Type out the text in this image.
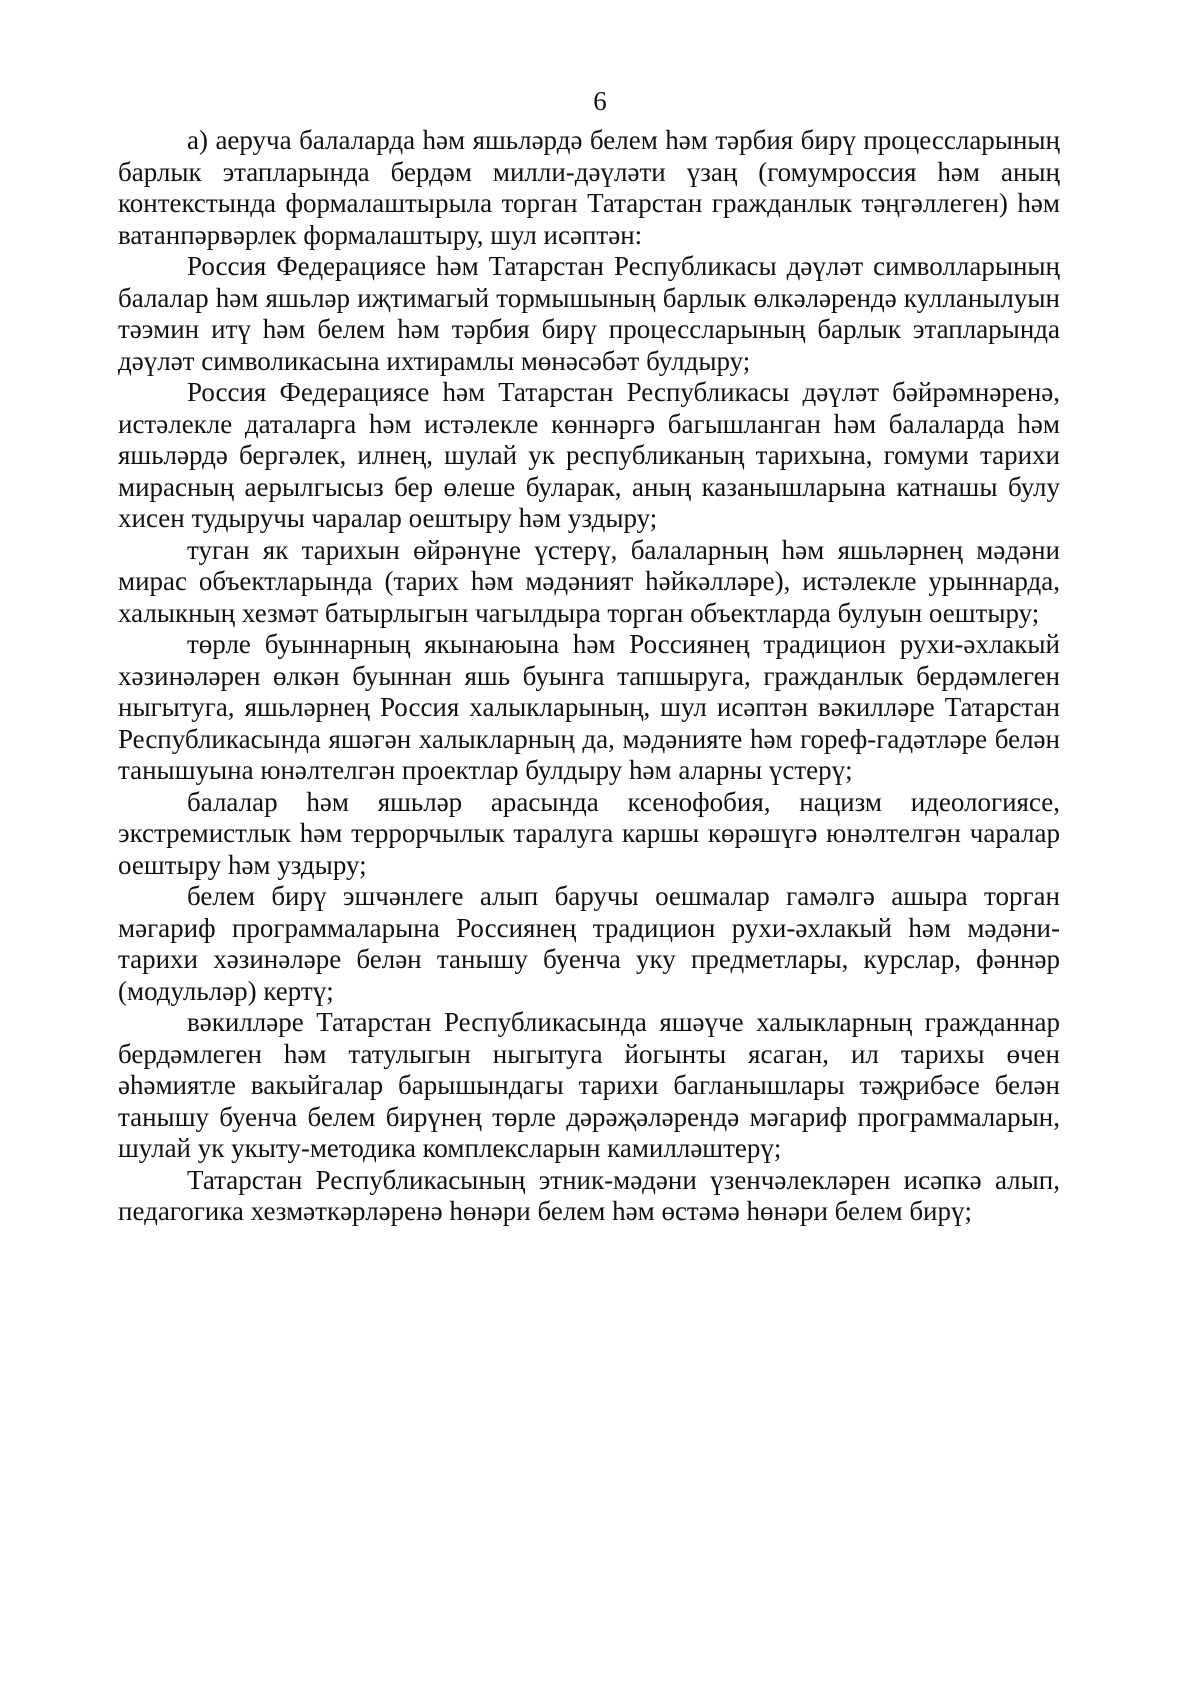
6

а) аеруча балаларда һәм яшьләрдә белем һәм тәрбия бирү процессларының барлык этапларында бердәм милли-дәүләти үзаң (гомумроссия һәм аның контекстында формалаштырыла торган Татарстан гражданлык тәңгәллеген) һәм ватанпәрвәрлек формалаштыру, шул исәптән:

Россия Федерациясе һәм Татарстан Республикасы дәүләт символларының балалар һәм яшьләр иҗтимагый тормышының барлык өлкәләрендә кулланылуын тәэмин итү һәм белем һәм тәрбия бирү процессларының барлык этапларында дәүләт символикасына ихтирамлы мөнәсәбәт булдыру;

Россия Федерациясе һәм Татарстан Республикасы дәүләт бәйрәмнәренә, истәлекле даталарга һәм истәлекле көннәргә багышланган һәм балаларда һәм яшьләрдә бергәлек, илнең, шулай ук республиканың тарихына, гомуми тарихи мирасның аерылгысыз бер өлеше буларак, аның казанышларына катнашы булу хисен тудыручы чаралар оештыру һәм уздыру;

туган як тарихын өйрәнүне үстерү, балаларның һәм яшьләрнең мәдәни мирас объектларында (тарих һәм мәдәният һәйкәлләре), истәлекле урыннарда, халыкның хезмәт батырлыгын чагылдыра торган объектларда булуын оештыру;

төрле буыннарның якынаюына һәм Россиянең традицион рухи-әхлакый хәзинәләрен өлкән буыннан яшь буынга тапшыруга, гражданлык бердәмлеген ныгытуга, яшьләрнең Россия халыкларының, шул исәптән вәкилләре Татарстан Республикасында яшәгән халыкларның да, мәдәнияте һәм гореф-гадәтләре белән танышуына юнәлтелгән проектлар булдыру һәм аларны үстерү;

балалар һәм яшьләр арасында ксенофобия, нацизм идеологиясе, экстремистлык һәм террорчылык таралуга каршы көрәшүгә юнәлтелгән чаралар оештыру һәм уздыру;

белем бирү эшчәнлеге алып баручы оешмалар гамәлгә ашыра торган мәгариф программаларына Россиянең традицион рухи-әхлакый һәм мәдәни-тарихи хәзинәләре белән танышу буенча уку предметлары, курслар, фәннәр (модульләр) кертү;

вәкилләре Татарстан Республикасында яшәүче халыкларның гражданнар бердәмлеген һәм татулыгын ныгытуга йогынты ясаган, ил тарихы өчен әһәмиятле вакыйгалар барышындагы тарихи багланышлары тәҗрибәсе белән танышу буенча белем бирүнең төрле дәрәҗәләрендә мәгариф программаларын, шулай ук укыту-методика комплексларын камилләштерү;

Татарстан Республикасының этник-мәдәни үзенчәлекләрен исәпкә алып, педагогика хезмәткәрләренә һөнәри белем һәм өстәмә һөнәри белем бирү;
